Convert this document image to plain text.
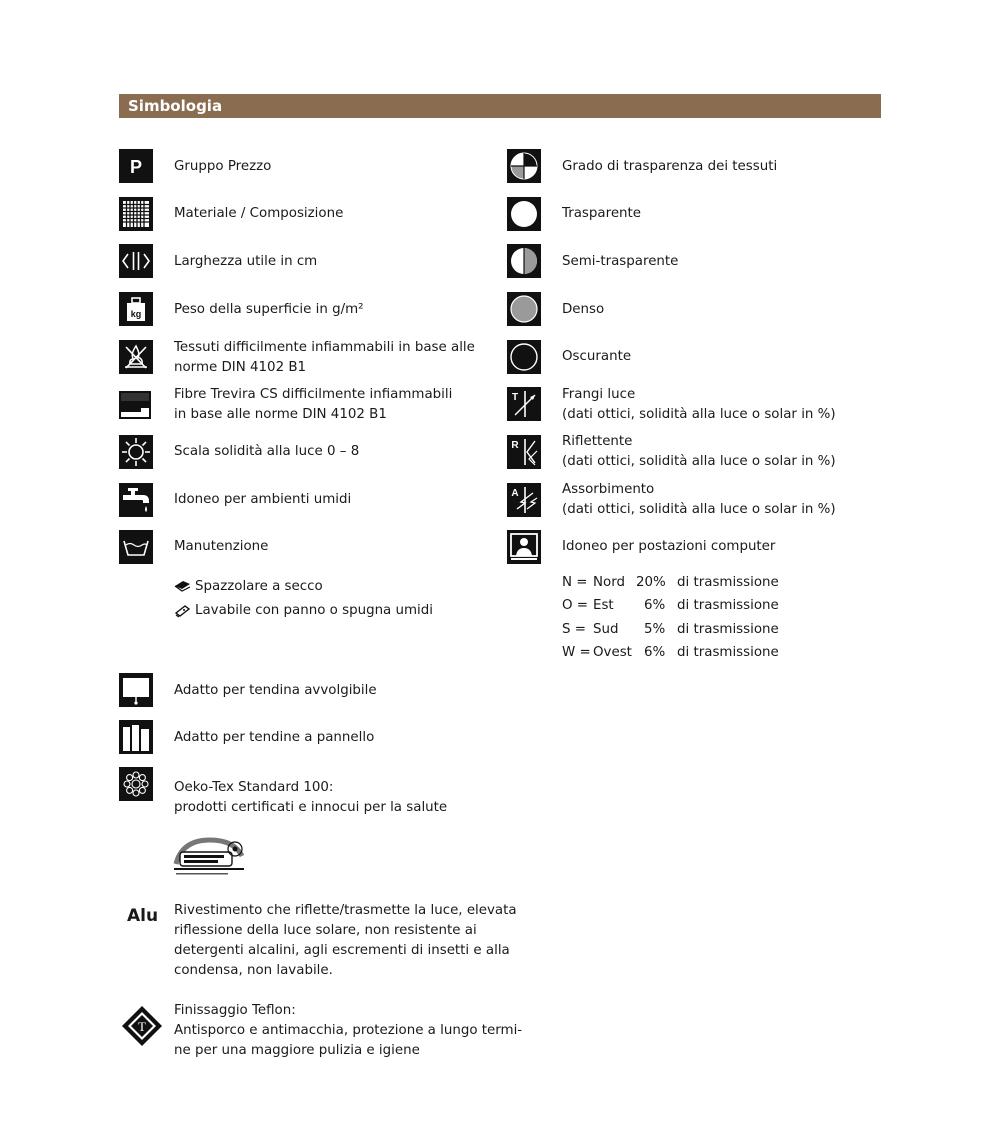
Simbologia
P Gruppo Prezzo
Materiale / Composizione
Larghezza utile in cm
kg Peso della superficie in g/m²
Tessuti difficilmente infiammabili in base alle
norme DIN 4102 B1
Fibre Trevira CS difficilmente infiammabili
in base alle norme DIN 4102 B1
Scala solidità alla luce 0 – 8
Idoneo per ambienti umidi
Manutenzione
Spazzolare a secco
Lavabile con panno o spugna umidi
Adatto per tendina avvolgibile
Adatto per tendine a pannello
Oeko-Tex Standard 100:
prodotti certificati e innocui per la salute
Alu Rivestimento che riflette/trasmette la luce, elevata
riflessione della luce solare, non resistente ai
detergenti alcalini, agli escrementi di insetti e alla
condensa, non lavabile.
T
Finissaggio Teflon:
Antisporco e antimacchia, protezione a lungo termi-
ne per una maggiore pulizia e igiene
Grado di trasparenza dei tessuti
Trasparente
Semi-trasparente
Denso
Oscurante
T	Frangi luce
(dati ottici, solidità alla luce o solar in %)
R	Riflettente
(dati ottici, solidità alla luce o solar in %)
A	Assorbimento
(dati ottici, solidità alla luce o solar in %)
Idoneo per postazioni computer
N = Nord 20% di trasmissione
O = Est 6% di trasmissione
S = Sud 5% di trasmissione
W = Ovest 6% di trasmissione
